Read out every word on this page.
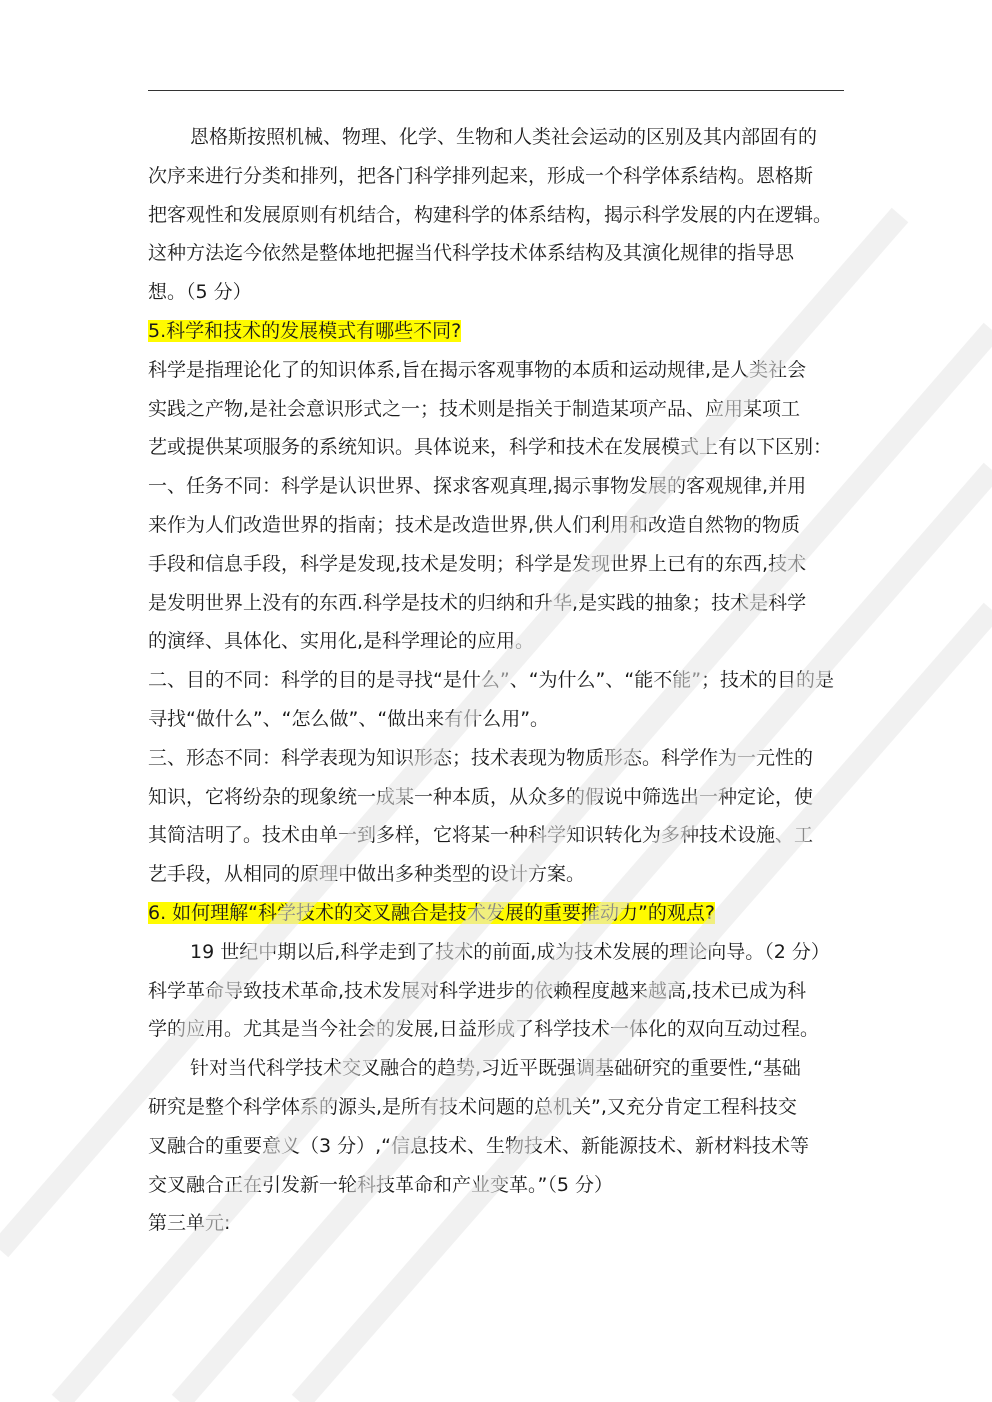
恩格斯按照机械、物理、化学、生物和人类社会运动的区别及其内部固有的

次序来进行分类和排列，把各门科学排列起来，形成一个科学体系结构。恩格斯

把客观性和发展原则有机结合，构建科学的体系结构，揭示科学发展的内在逻辑。

这种方法迄今依然是整体地把握当代科学技术体系结构及其演化规律的指导思

想。（5 分）

5.科学和技术的发展模式有哪些不同?

科学是指理论化了的知识体系,旨在揭示客观事物的本质和运动规律,是人类社会

实践之产物,是社会意识形式之一；技术则是指关于制造某项产品、应用某项工

艺或提供某项服务的系统知识。具体说来，科学和技术在发展模式上有以下区别：

一、任务不同：科学是认识世界、探求客观真理,揭示事物发展的客观规律,并用

来作为人们改造世界的指南；技术是改造世界,供人们利用和改造自然物的物质

手段和信息手段，科学是发现,技术是发明；科学是发现世界上已有的东西,技术

是发明世界上没有的东西.科学是技术的归纳和升华,是实践的抽象；技术是科学

的演绎、具体化、实用化,是科学理论的应用。

二、目的不同：科学的目的是寻找“是什么”、“为什么”、“能不能”；技术的目的是

寻找“做什么”、“怎么做”、“做出来有什么用”。

三、形态不同：科学表现为知识形态；技术表现为物质形态。科学作为一元性的

知识，它将纷杂的现象统一成某一种本质，从众多的假说中筛选出一种定论，使

其简洁明了。技术由单一到多样，它将某一种科学知识转化为多种技术设施、工

艺手段，从相同的原理中做出多种类型的设计方案。

6. 如何理解“科学技术的交叉融合是技术发展的重要推动力”的观点?

19 世纪中期以后,科学走到了技术的前面,成为技术发展的理论向导。（2 分）

科学革命导致技术革命,技术发展对科学进步的依赖程度越来越高,技术已成为科

学的应用。尤其是当今社会的发展,日益形成了科学技术一体化的双向互动过程。

针对当代科学技术交叉融合的趋势,习近平既强调基础研究的重要性,“基础

研究是整个科学体系的源头,是所有技术问题的总机关”,又充分肯定工程科技交

叉融合的重要意义（3 分）,“信息技术、生物技术、新能源技术、新材料技术等

交叉融合正在引发新一轮科技革命和产业变革。”（5 分）

第三单元:
